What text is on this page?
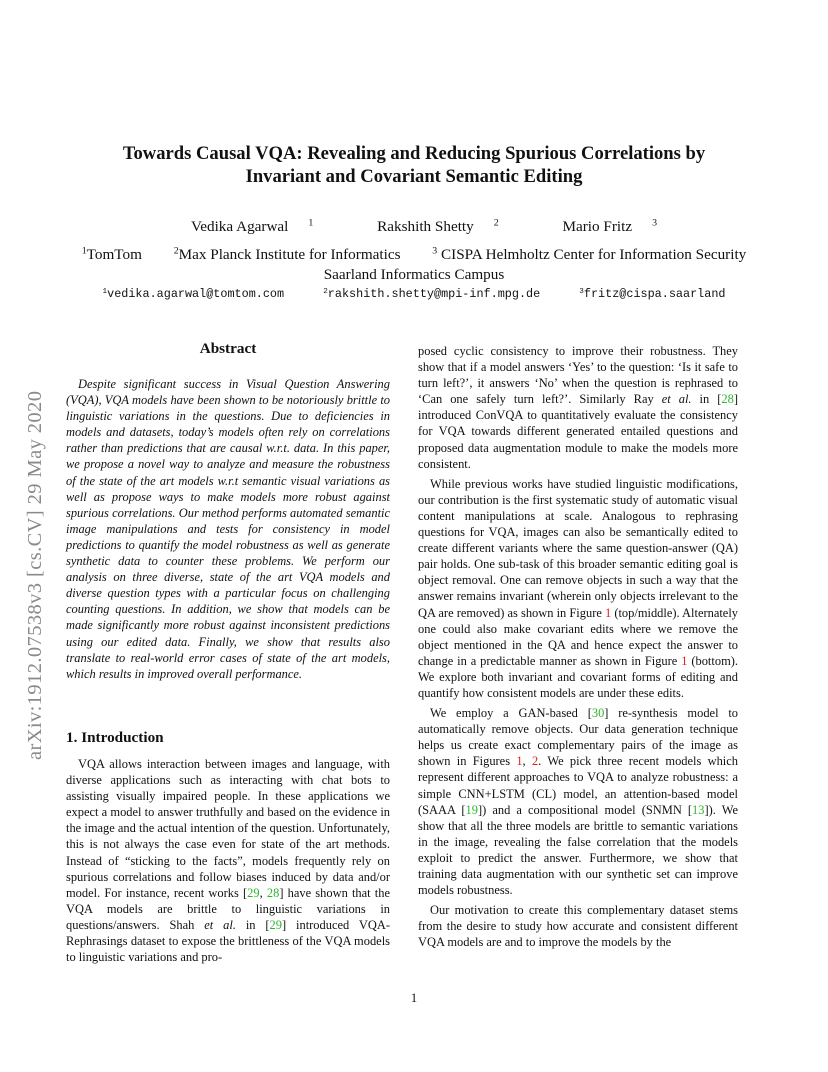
arXiv:1912.07538v3 [cs.CV] 29 May 2020
Towards Causal VQA: Revealing and Reducing Spurious Correlations by
Invariant and Covariant Semantic Editing
Vedika Agarwal $^1$	Rakshith Shetty $^2$	Mario Fritz $^3$
$^1$TomTom	$^2$Max Planck Institute for Informatics	$^3$ CISPA Helmholtz Center for Information Security
Saarland Informatics Campus
$^1$vedika.agarwal@tomtom.com	$^2$rakshith.shetty@mpi-inf.mpg.de	$^3$fritz@cispa.saarland
Abstract
Despite significant success in Visual Question Answering (VQA), VQA models have been shown to be notoriously brittle to linguistic variations in the questions. Due to deficiencies in models and datasets, today’s models often rely on correlations rather than predictions that are causal w.r.t. data. In this paper, we propose a novel way to analyze and measure the robustness of the state of the art models w.r.t semantic visual variations as well as propose ways to make models more robust against spurious correlations. Our method performs automated semantic image manipulations and tests for consistency in model predictions to quantify the model robustness as well as generate synthetic data to counter these problems. We perform our analysis on three diverse, state of the art VQA models and diverse question types with a particular focus on challenging counting questions. In addition, we show that models can be made significantly more robust against inconsistent predictions using our edited data. Finally, we show that results also translate to real-world error cases of state of the art models, which results in improved overall performance.
1. Introduction

VQA allows interaction between images and language, with diverse applications such as interacting with chat bots to assisting visually impaired people. In these applications we expect a model to answer truthfully and based on the evidence in the image and the actual intention of the question. Unfortunately, this is not always the case even for state of the art methods. Instead of “sticking to the facts”, models frequently rely on spurious correlations and follow biases induced by data and/or model. For instance, recent works [29, 28] have shown that the VQA models are brittle to linguistic variations in questions/answers. Shah et al. in [29] introduced VQA-Rephrasings dataset to expose the brittleness of the VQA models to linguistic variations and pro-

posed cyclic consistency to improve their robustness. They show that if a model answers ‘Yes’ to the question: ‘Is it safe to turn left?’, it answers ‘No’ when the question is rephrased to ‘Can one safely turn left?’. Similarly Ray et al. in [28] introduced ConVQA to quantitatively evaluate the consistency for VQA towards different generated entailed questions and proposed data augmentation module to make the models more consistent.

While previous works have studied linguistic modifications, our contribution is the first systematic study of automatic visual content manipulations at scale. Analogous to rephrasing questions for VQA, images can also be semantically edited to create different variants where the same question-answer (QA) pair holds. One sub-task of this broader semantic editing goal is object removal. One can remove objects in such a way that the answer remains invariant (wherein only objects irrelevant to the QA are removed) as shown in Figure 1 (top/middle). Alternately one could also make covariant edits where we remove the object mentioned in the QA and hence expect the answer to change in a predictable manner as shown in Figure 1 (bottom). We explore both invariant and covariant forms of editing and quantify how consistent models are under these edits.

We employ a GAN-based [30] re-synthesis model to automatically remove objects. Our data generation technique helps us create exact complementary pairs of the image as shown in Figures 1, 2. We pick three recent models which represent different approaches to VQA to analyze robustness: a simple CNN+LSTM (CL) model, an attention-based model (SAAA [19]) and a compositional model (SNMN [13]). We show that all the three models are brittle to semantic variations in the image, revealing the false correlation that the models exploit to predict the answer. Furthermore, we show that training data augmentation with our synthetic set can improve models robustness.

Our motivation to create this complementary dataset stems from the desire to study how accurate and consistent different VQA models are and to improve the models by the

1
